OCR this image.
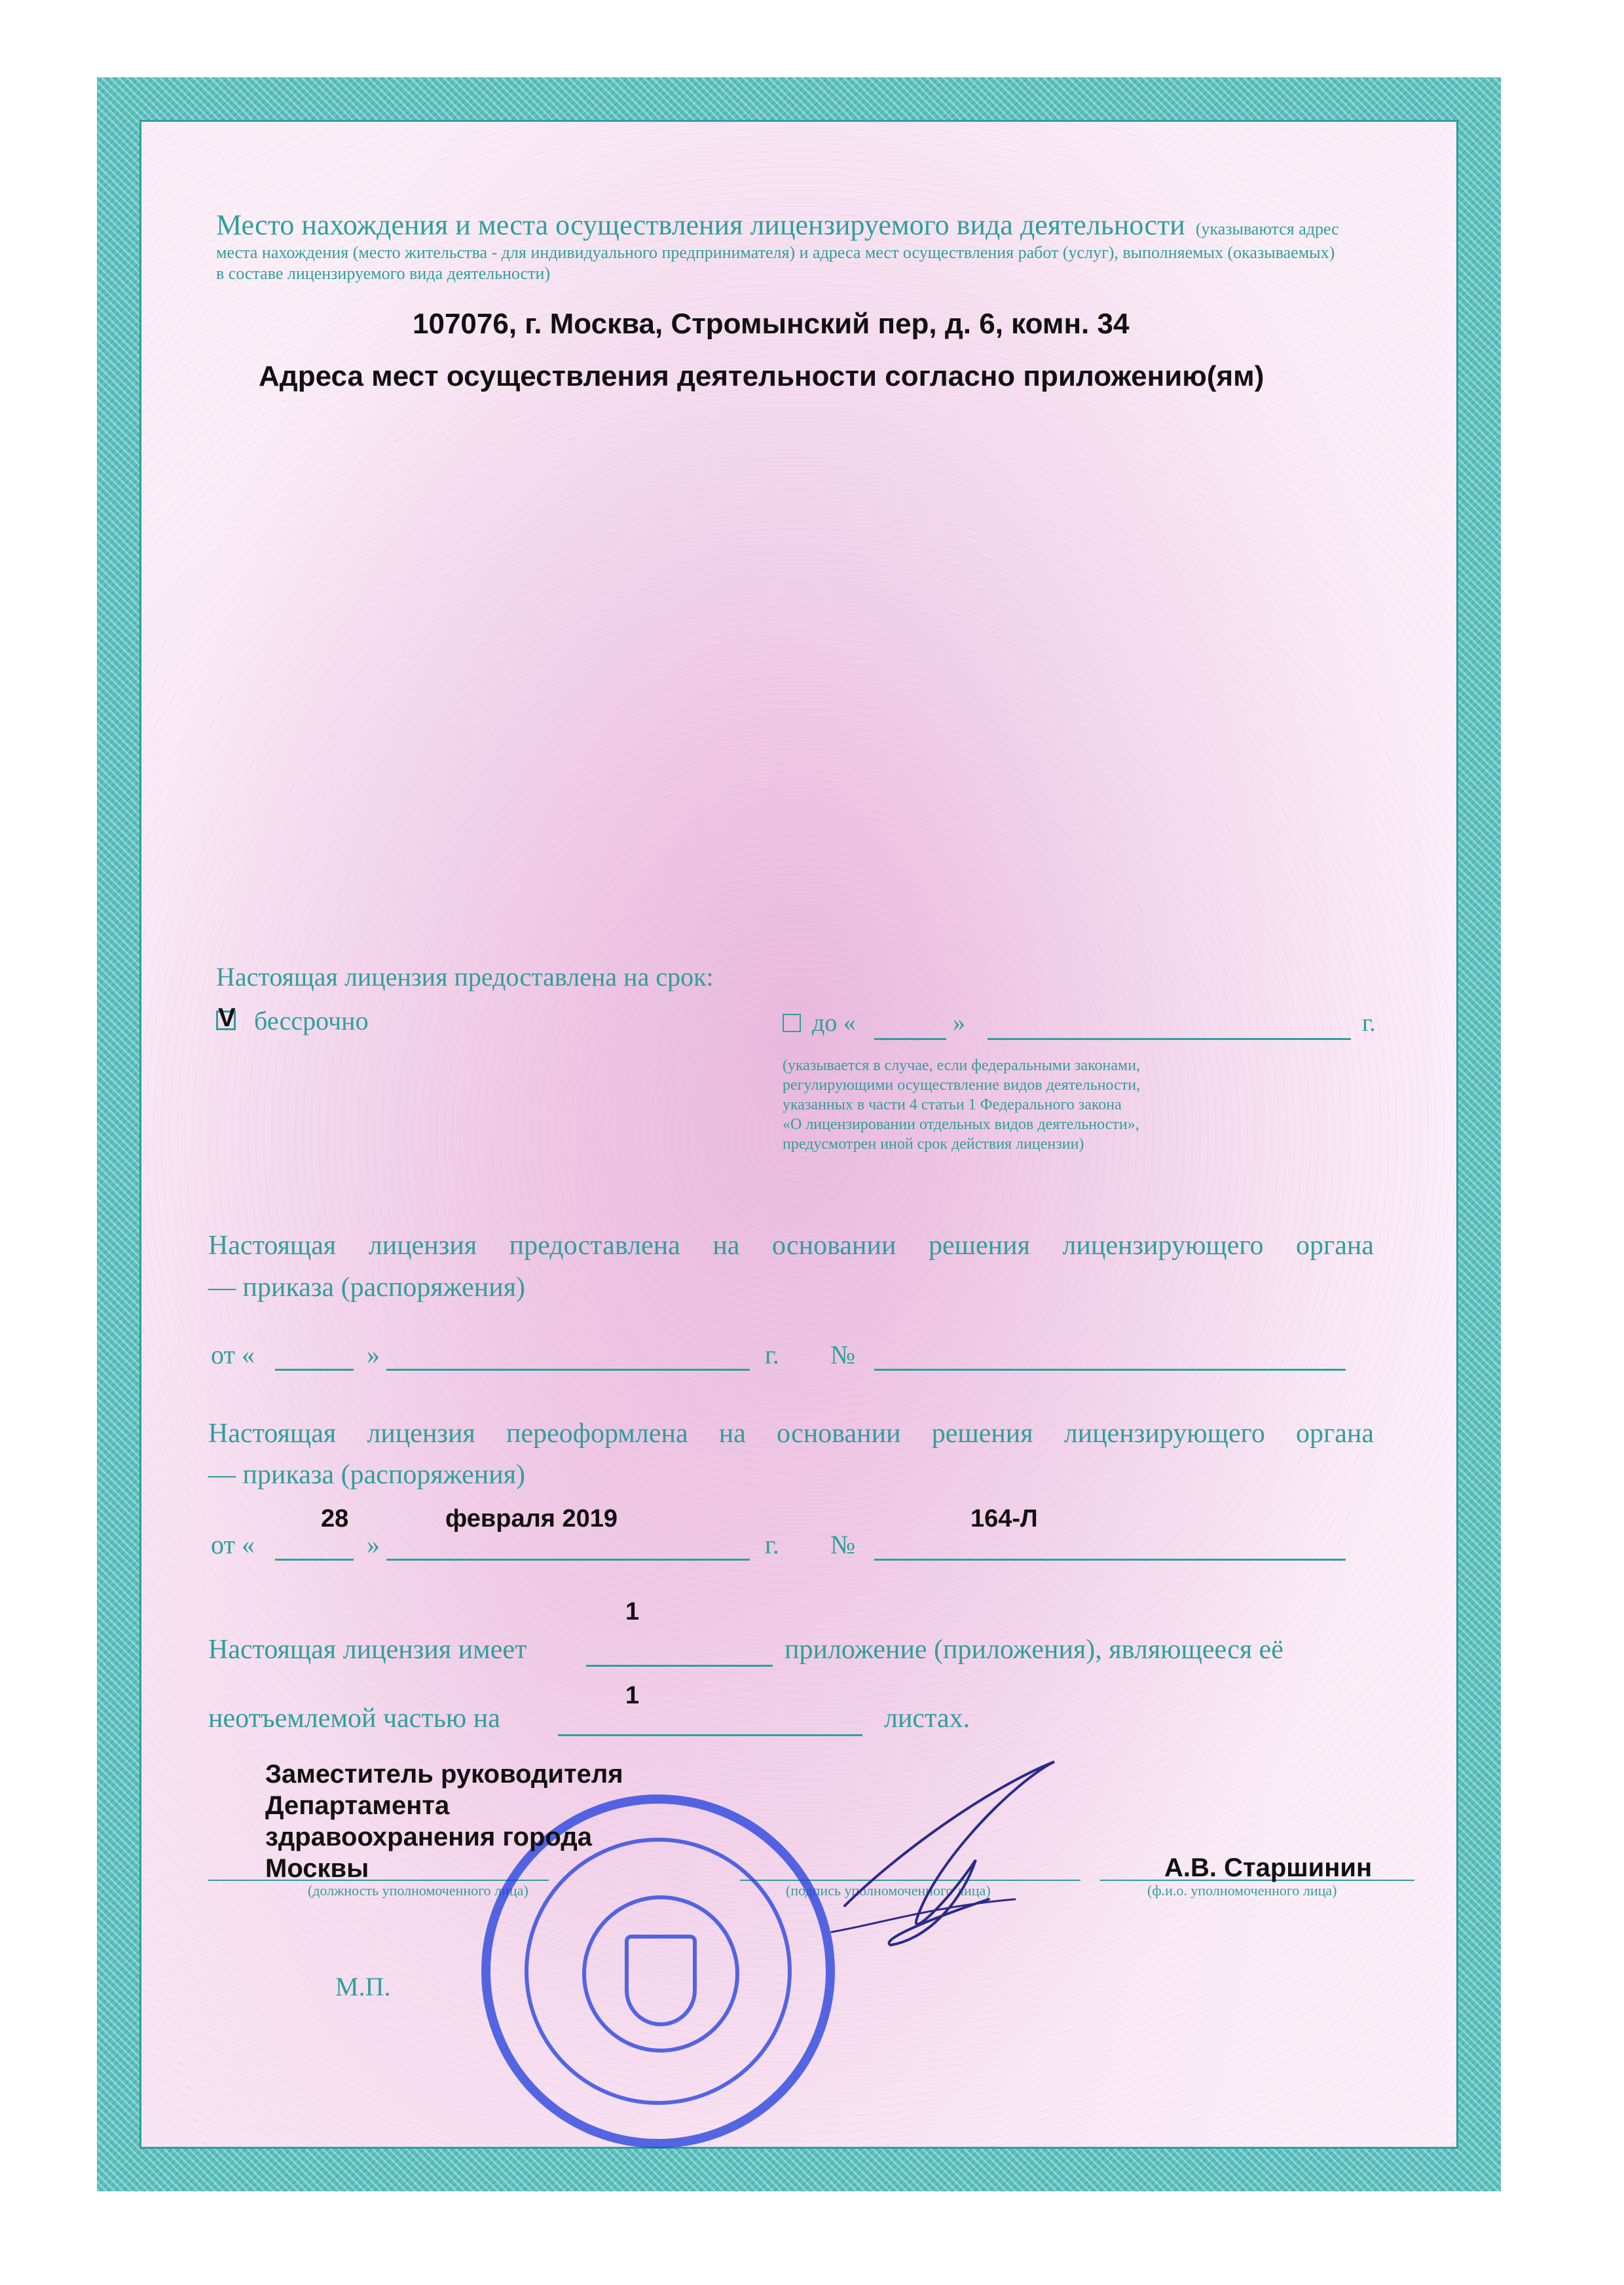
Место нахождения и места осуществления лицензируемого вида деятельности (указываются адрес
места нахождения (место жительства - для индивидуального предпринимателя) и адреса мест осуществления работ (услуг), выполняемых (оказываемых)
в составе лицензируемого вида деятельности)
107076, г. Москва, Стромынский пер, д. 6, комн. 34
Адреса мест осуществления деятельности согласно приложению(ям)
Настоящая лицензия предоставлена на срок:
V бессрочно	до «	»	г.
(указывается в случае, если федеральными законами,
регулирующими осуществление видов деятельности,
указанных в части 4 статьи 1 Федерального закона
«О лицензировании отдельных видов деятельности»,
предусмотрен иной срок действия лицензии)
Настоящая лицензия предоставлена на основании решения лицензирующего органа
— приказа (распоряжения)
от «	»	г. №
Настоящая лицензия переоформлена на основании решения лицензирующего органа
— приказа (распоряжения)
от «
28
»
февраля 2019
г. №
164-Л
Настоящая лицензия имеет
1
приложение (приложения), являющееся её
неотъемлемой частью на
1
листах.
Заместитель руководителя
Департамента
здравоохранения города
Москвы
(должность уполномоченного лица)	(подпись уполномоченного лица)
А.В. Старшинин
(ф.и.о. уполномоченного лица)
М.П.
